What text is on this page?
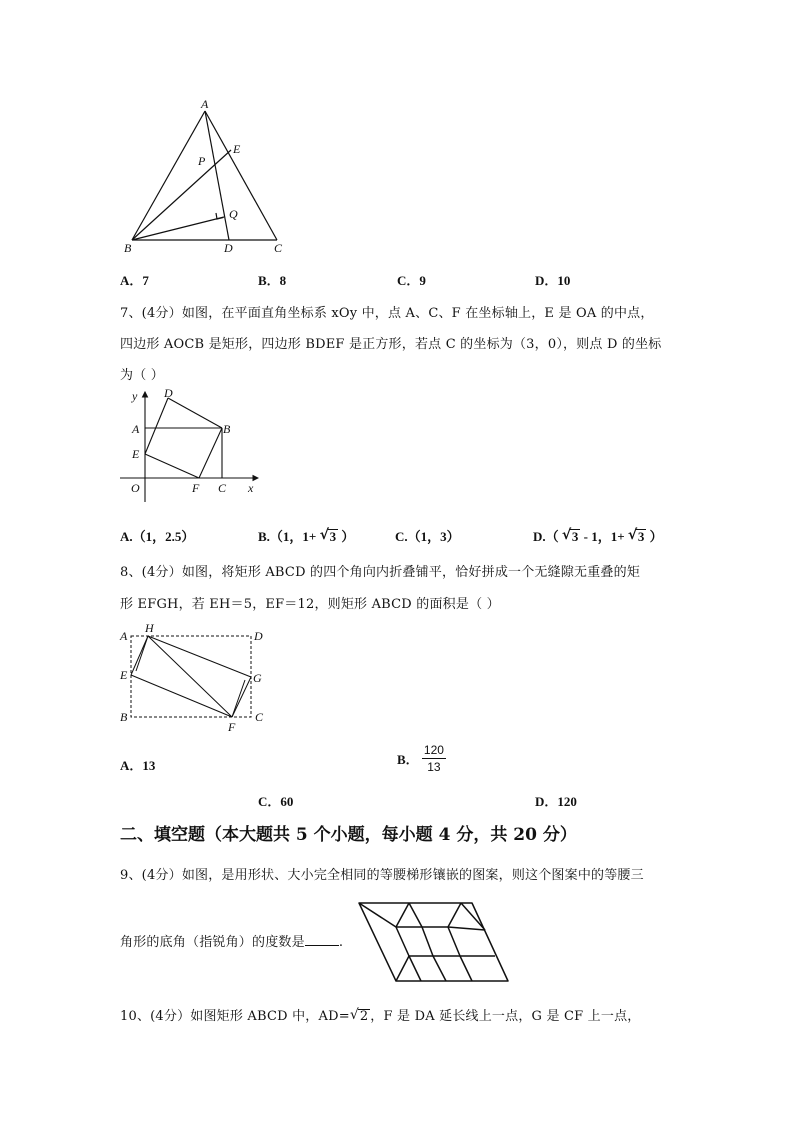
A
E
P
Q
B	D	C
A．7	B．8	C．9	D．10
7、(4分）如图，在平面直角坐标系 xOy 中，点 A、C、F 在坐标轴上，E 是 OA 的中点，
四边形 AOCB 是矩形，四边形 BDEF 是正方形，若点 C 的坐标为（3，0），则点 D 的坐标
为（ ）
y D
A	B
E
O	F C x
A.（1，2.5）	B.（1，1+ √ 3 ）	C.（1，3）	D.（ √ 3 - 1，1+ √ 3 ）
8、(4分）如图，将矩形 ABCD 的四个角向内折叠铺平，恰好拼成一个无缝隙无重叠的矩
形 EFGH，若 EH＝5，EF＝12，则矩形 ABCD 的面积是（ ）
A
H
D
E	G
B
F
C
A．13	B． $\frac{120}{13}$
C．60	D．120
二、填空题（本大题共 5 个小题，每小题 4 分，共 20 分）
9、(4分）如图，是用形状、大小完全相同的等腰梯形镶嵌的图案，则这个图案中的等腰三
角形的底角（指锐角）的度数是	.
10、(4分）如图矩形 ABCD 中，AD= √ 2 ，F 是 DA 延长线上一点，G 是 CF 上一点，
